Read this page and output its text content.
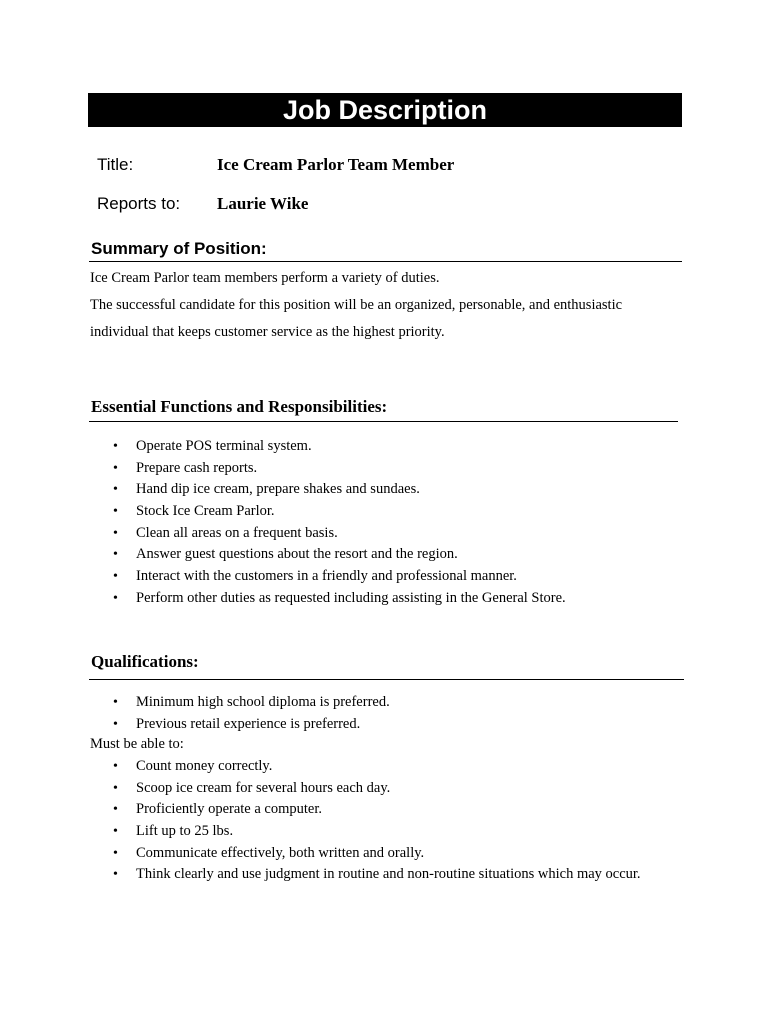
Job Description
Title:	Ice Cream Parlor Team Member
Reports to: Laurie Wike
Summary of Position:
Ice Cream Parlor team members perform a variety of duties.
The successful candidate for this position will be an organized, personable, and enthusiastic
individual that keeps customer service as the highest priority.
Essential Functions and Responsibilities:
• Operate POS terminal system.
• Prepare cash reports.
• Hand dip ice cream, prepare shakes and sundaes.
• Stock Ice Cream Parlor.
• Clean all areas on a frequent basis.
• Answer guest questions about the resort and the region.
• Interact with the customers in a friendly and professional manner.
• Perform other duties as requested including assisting in the General Store.
Qualifications:
• Minimum high school diploma is preferred.
• Previous retail experience is preferred.
Must be able to:
• Count money correctly.
• Scoop ice cream for several hours each day.
• Proficiently operate a computer.
• Lift up to 25 lbs.
• Communicate effectively, both written and orally.
• Think clearly and use judgment in routine and non-routine situations which may occur.
